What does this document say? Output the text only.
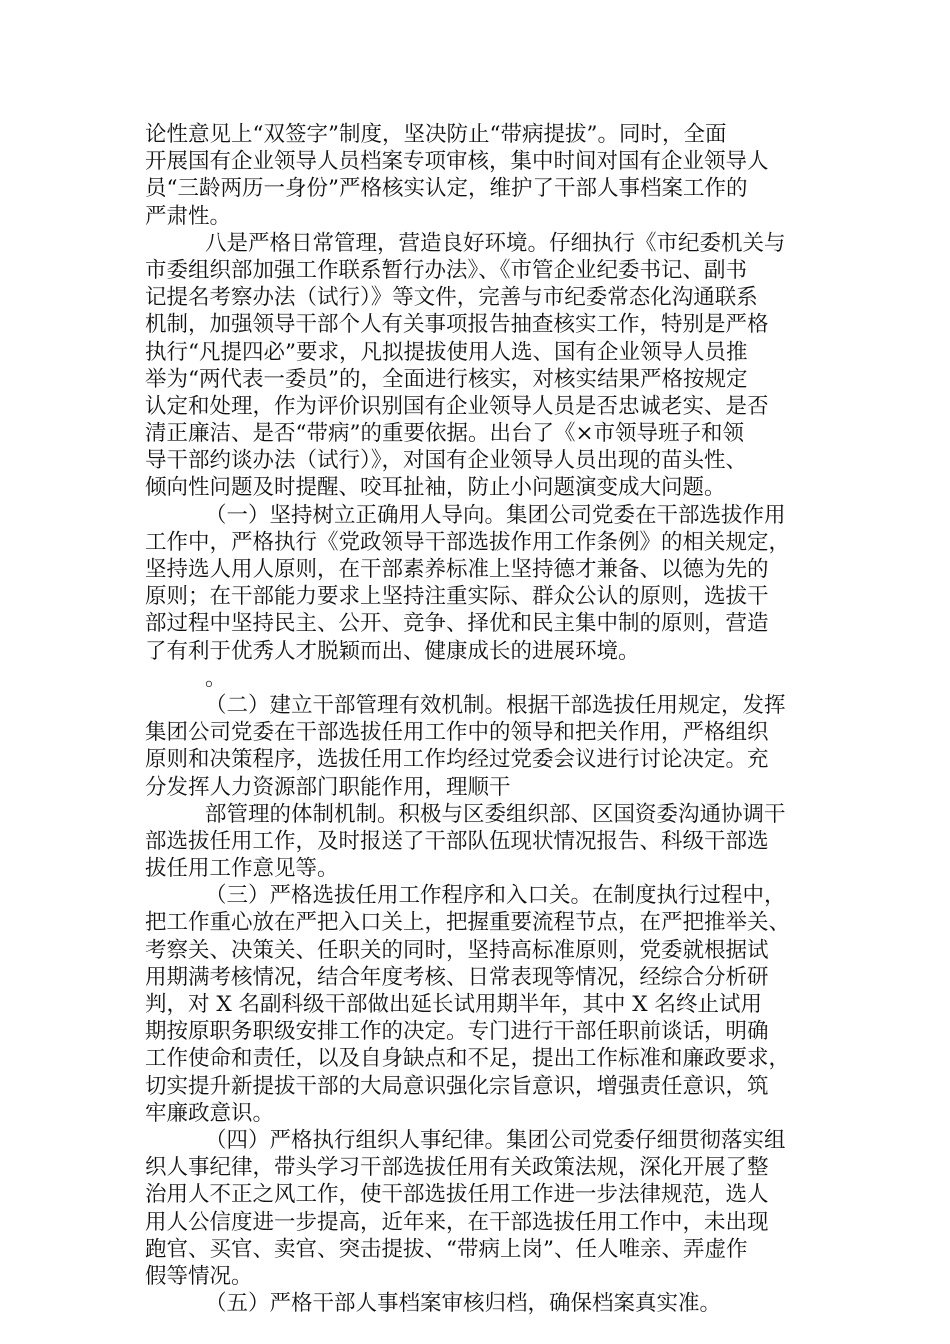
论性意见上“双签字”制度，坚决防止“带病提拔”。同时，全面
开展国有企业领导人员档案专项审核，集中时间对国有企业领导人
员“三龄两历一身份”严格核实认定，维护了干部人事档案工作的
严肃性。
八是严格日常管理，营造良好环境。仔细执行《市纪委机关与
市委组织部加强工作联系暂行办法》、《市管企业纪委书记、副书
记提名考察办法（试行）》等文件，完善与市纪委常态化沟通联系
机制，加强领导干部个人有关事项报告抽查核实工作，特别是严格
执行“凡提四必”要求，凡拟提拔使用人选、国有企业领导人员推
举为“两代表一委员”的，全面进行核实，对核实结果严格按规定
认定和处理，作为评价识别国有企业领导人员是否忠诚老实、是否
清正廉洁、是否“带病”的重要依据。出台了《×市领导班子和领
导干部约谈办法（试行）》，对国有企业领导人员出现的苗头性、
倾向性问题及时提醒、咬耳扯袖，防止小问题演变成大问题。
（一）坚持树立正确用人导向。集团公司党委在干部选拔作用
工作中，严格执行《党政领导干部选拔作用工作条例》的相关规定，
坚持选人用人原则，在干部素养标准上坚持德才兼备、以德为先的
原则；在干部能力要求上坚持注重实际、群众公认的原则，选拔干
部过程中坚持民主、公开、竞争、择优和民主集中制的原则，营造
了有利于优秀人才脱颖而出、健康成长的进展环境。
。
（二）建立干部管理有效机制。根据干部选拔任用规定，发挥
集团公司党委在干部选拔任用工作中的领导和把关作用，严格组织
原则和决策程序，选拔任用工作均经过党委会议进行讨论决定。充
分发挥人力资源部门职能作用，理顺干
部管理的体制机制。积极与区委组织部、区国资委沟通协调干
部选拔任用工作，及时报送了干部队伍现状情况报告、科级干部选
拔任用工作意见等。
（三）严格选拔任用工作程序和入口关。在制度执行过程中，
把工作重心放在严把入口关上，把握重要流程节点，在严把推举关、
考察关、决策关、任职关的同时，坚持高标准原则，党委就根据试
用期满考核情况，结合年度考核、日常表现等情况，经综合分析研
判，对 X 名副科级干部做出延长试用期半年，其中 X 名终止试用
期按原职务职级安排工作的决定。专门进行干部任职前谈话，明确
工作使命和责任，以及自身缺点和不足，提出工作标准和廉政要求，
切实提升新提拔干部的大局意识强化宗旨意识，增强责任意识，筑
牢廉政意识。
（四）严格执行组织人事纪律。集团公司党委仔细贯彻落实组
织人事纪律，带头学习干部选拔任用有关政策法规，深化开展了整
治用人不正之风工作，使干部选拔任用工作进一步法律规范，选人
用人公信度进一步提高，近年来，在干部选拔任用工作中，未出现
跑官、买官、卖官、突击提拔、“带病上岗”、任人唯亲、弄虚作
假等情况。
（五）严格干部人事档案审核归档，确保档案真实准。
